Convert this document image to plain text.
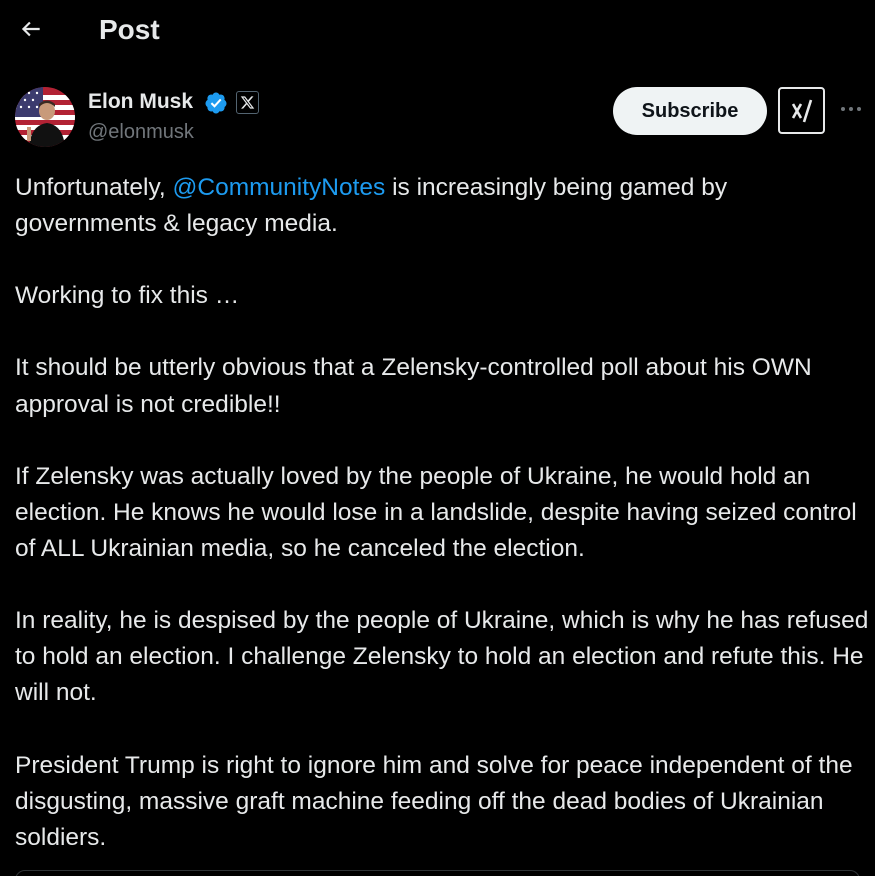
Post
Elon Musk
@elonmusk
Subscribe

Unfortunately, @CommunityNotes is increasingly being gamed by governments & legacy media.

Working to fix this …

It should be utterly obvious that a Zelensky-controlled poll about his OWN approval is not credible!!

If Zelensky was actually loved by the people of Ukraine, he would hold an election. He knows he would lose in a landslide, despite having seized control of ALL Ukrainian media, so he canceled the election.

In reality, he is despised by the people of Ukraine, which is why he has refused to hold an election. I challenge Zelensky to hold an election and refute this. He will not.

President Trump is right to ignore him and solve for peace independent of the disgusting, massive graft machine feeding off the dead bodies of Ukrainian soldiers.
